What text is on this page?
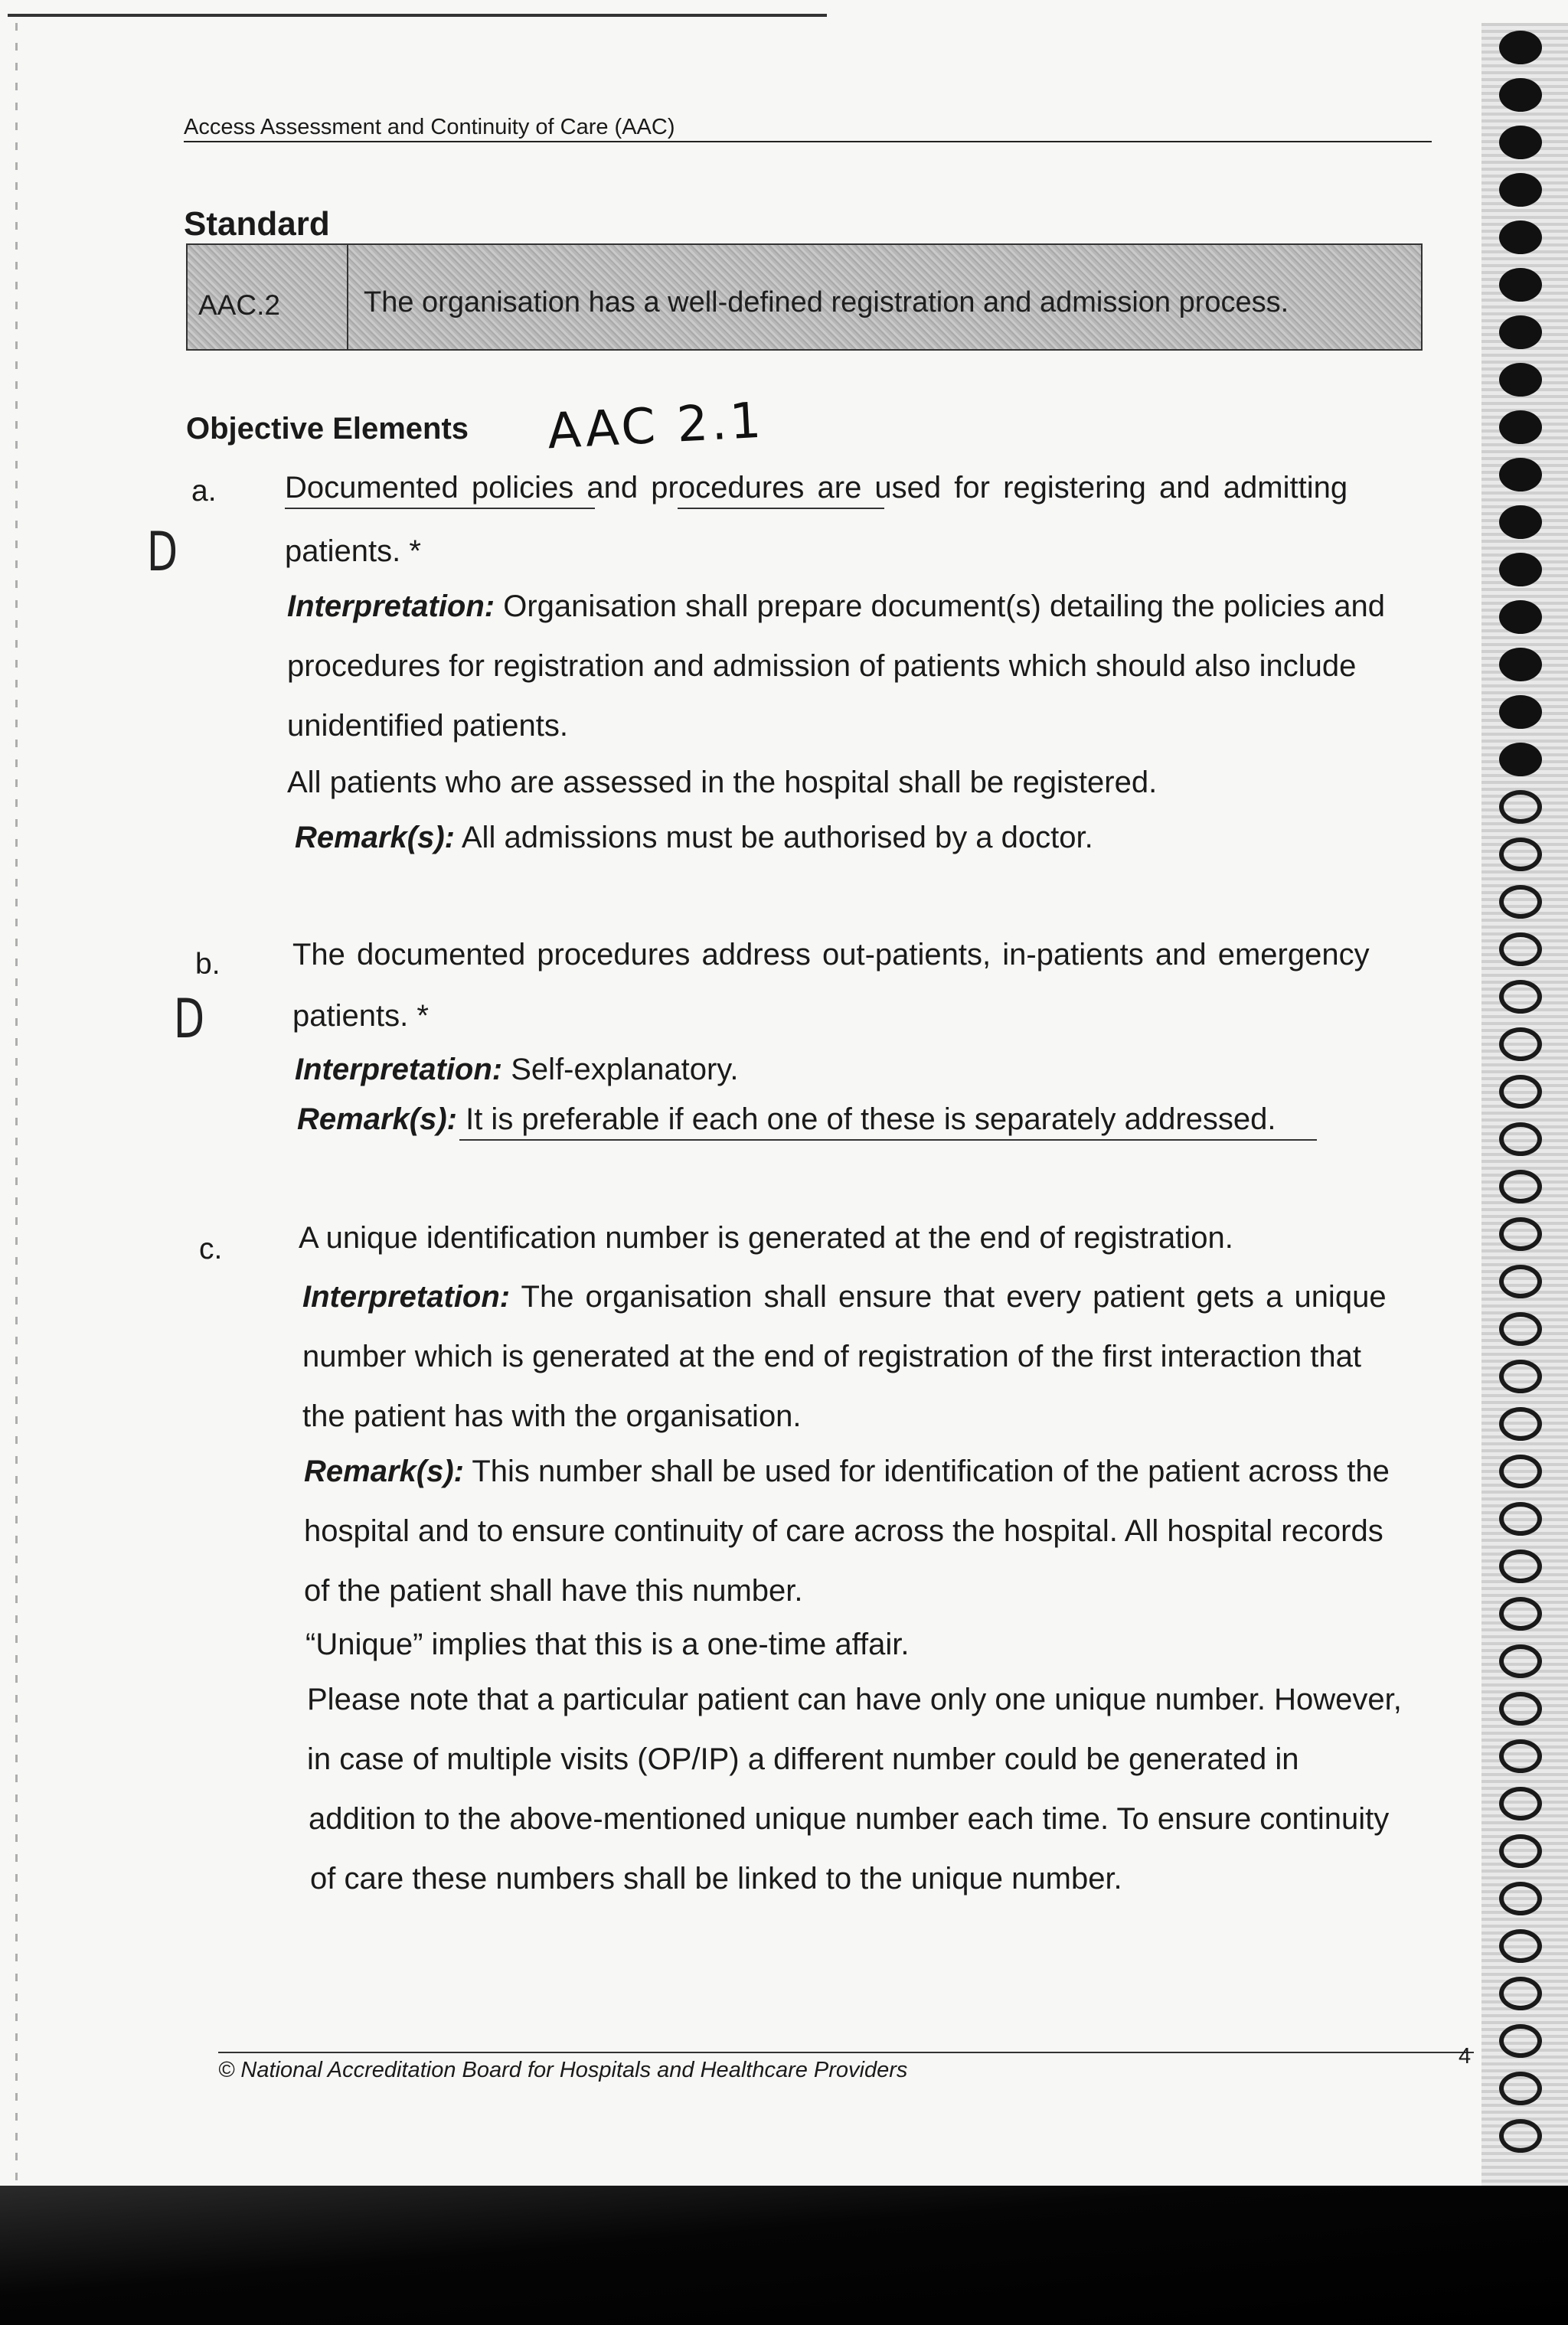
Access Assessment and Continuity of Care (AAC)
Standard
AAC.2	The organisation has a well-defined registration and admission process.
Objective Elements AAC 2.1
a. Documented policies and procedures are used for registering and admitting
D	patients. *
Interpretation: Organisation shall prepare document(s) detailing the policies and
procedures for registration and admission of patients which should also include
unidentified patients.
All patients who are assessed in the hospital shall be registered.
Remark(s): All admissions must be authorised by a doctor.
b. The documented procedures address out-patients, in-patients and emergency
D	patients. *
Interpretation: Self-explanatory.
Remark(s): It is preferable if each one of these is separately addressed.
c. A unique identification number is generated at the end of registration.
Interpretation: The organisation shall ensure that every patient gets a unique
number which is generated at the end of registration of the first interaction that
the patient has with the organisation.
Remark(s): This number shall be used for identification of the patient across the
hospital and to ensure continuity of care across the hospital. All hospital records
of the patient shall have this number.
“Unique” implies that this is a one-time affair.
Please note that a particular patient can have only one unique number. However,
in case of multiple visits (OP/IP) a different number could be generated in
addition to the above-mentioned unique number each time. To ensure continuity
of care these numbers shall be linked to the unique number.
© National Accreditation Board for Hospitals and Healthcare Providers
4
